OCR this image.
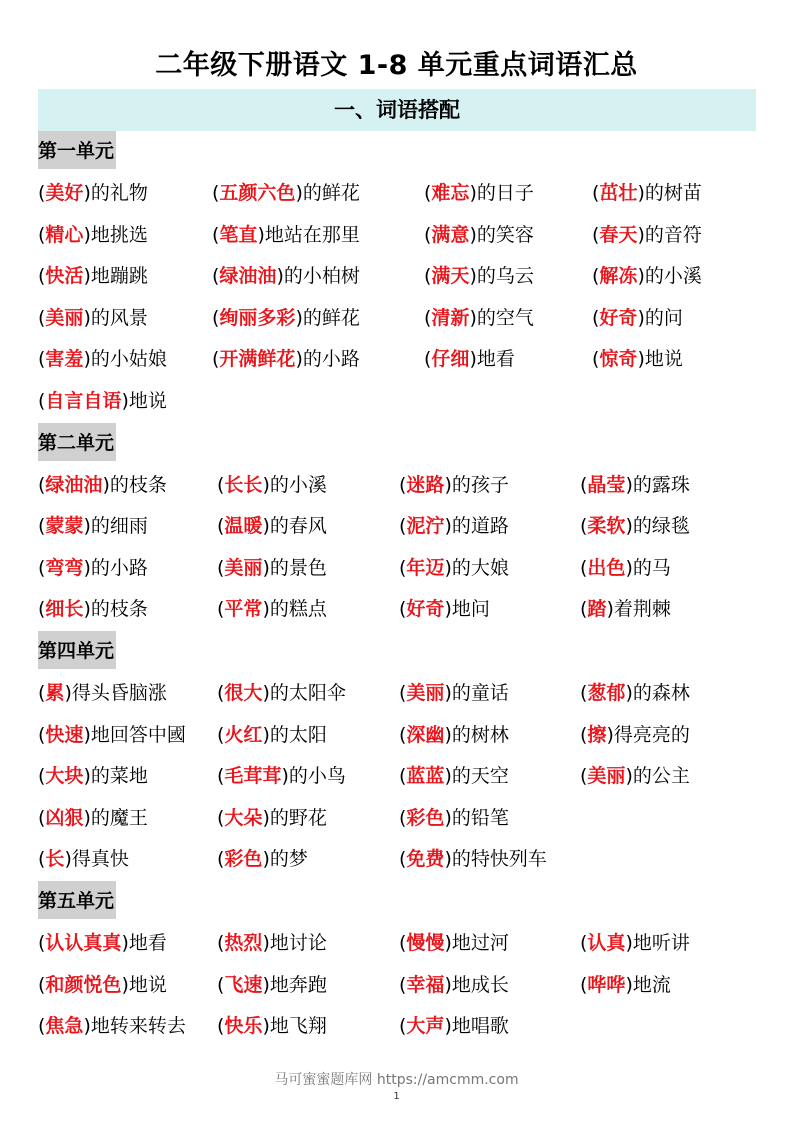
二年级下册语文 1-8 单元重点词语汇总
一、词语搭配
第一单元
(美好)的礼物	(五颜六色)的鲜花	(难忘)的日子	(茁壮)的树苗
(精心)地挑选	(笔直)地站在那里	(满意)的笑容	(春天)的音符
(快活)地蹦跳	(绿油油)的小柏树	(满天)的乌云	(解冻)的小溪
(美丽)的风景	(绚丽多彩)的鲜花	(清新)的空气	(好奇)的问
(害羞)的小姑娘 (开满鲜花)的小路	(仔细)地看	(惊奇)地说
(自言自语)地说
第二单元
(绿油油)的枝条	(长长)的小溪	(迷路)的孩子	(晶莹)的露珠
(蒙蒙)的细雨	(温暖)的春风	(泥泞)的道路	(柔软)的绿毯
(弯弯)的小路	(美丽)的景色	(年迈)的大娘	(出色)的马
(细长)的枝条	(平常)的糕点	(好奇)地问	(踏)着荆棘
第四单元
(累)得头昏脑涨	(很大)的太阳伞	(美丽)的童话	(葱郁)的森林
(快速)地回答中國 (火红)的太阳	(深幽)的树林	(擦)得亮亮的
(大块)的菜地	(毛茸茸)的小鸟	(蓝蓝)的天空	(美丽)的公主
(凶狠)的魔王	(大朵)的野花	(彩色)的铅笔
(长)得真快	(彩色)的梦	(免费)的特快列车
第五单元
(认认真真)地看	(热烈)地讨论	(慢慢)地过河	(认真)地听讲
(和颜悦色)地说	(飞速)地奔跑	(幸福)地成长	(哗哗)地流
(焦急)地转来转去 (快乐)地飞翔	(大声)地唱歌
马可蜜蜜题库网 https://amcmm.com
1
